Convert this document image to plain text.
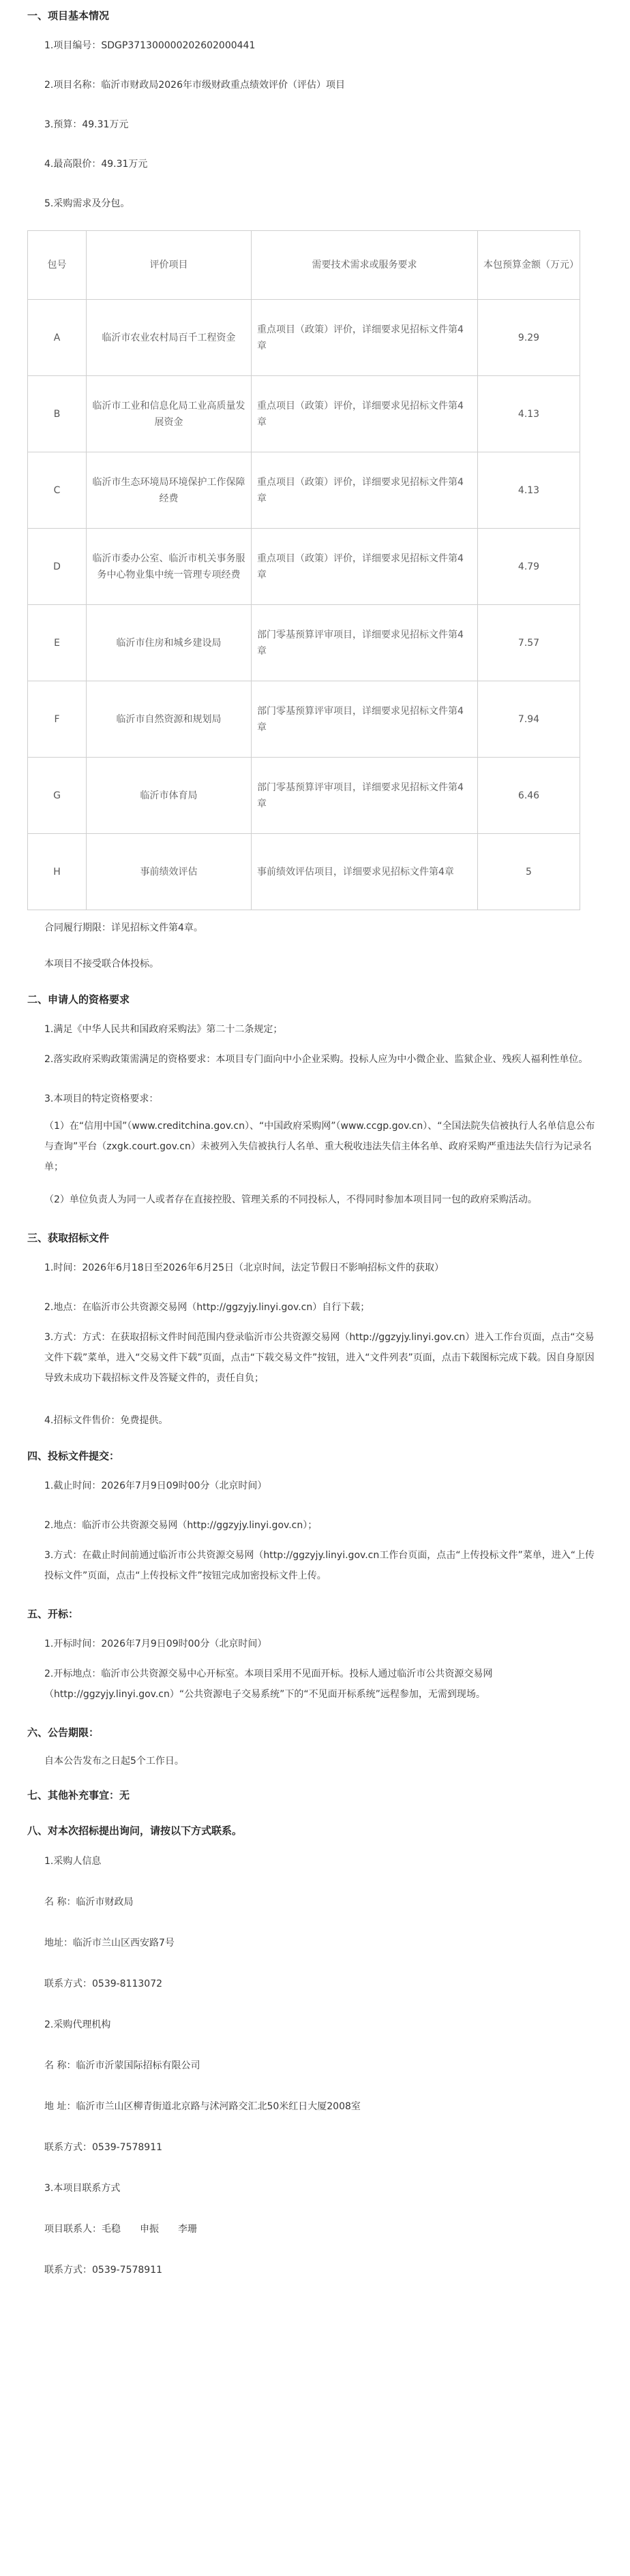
一、项目基本情况
1.项目编号：SDGP371300000202602000441
2.项目名称：临沂市财政局2026年市级财政重点绩效评价（评估）项目
3.预算：49.31万元
4.最高限价：49.31万元
5.采购需求及分包。
包号	评价项目	需要技术需求或服务要求	本包预算金额（万元）
A	临沂市农业农村局百千工程资金	重点项目（政策）评价，详细要求见招标文件第4章	9.29
B	临沂市工业和信息化局工业高质量发展资金	重点项目（政策）评价，详细要求见招标文件第4章	4.13
C	临沂市生态环境局环境保护工作保障经费	重点项目（政策）评价，详细要求见招标文件第4章	4.13
D	临沂市委办公室、临沂市机关事务服务中心物业集中统一管理专项经费	重点项目（政策）评价，详细要求见招标文件第4章	4.79
E	临沂市住房和城乡建设局	部门零基预算评审项目，详细要求见招标文件第4章	7.57
F	临沂市自然资源和规划局	部门零基预算评审项目，详细要求见招标文件第4章	7.94
G	临沂市体育局	部门零基预算评审项目，详细要求见招标文件第4章	6.46
H	事前绩效评估	事前绩效评估项目，详细要求见招标文件第4章	5
合同履行期限：详见招标文件第4章。
本项目不接受联合体投标。
二、申请人的资格要求
1.满足《中华人民共和国政府采购法》第二十二条规定；
2.落实政府采购政策需满足的资格要求：本项目专门面向中小企业采购。投标人应为中小微企业、监狱企业、残疾人福利性单位。
3.本项目的特定资格要求：
（1）在“信用中国”（www.creditchina.gov.cn）、“中国政府采购网”（www.ccgp.gov.cn）、“全国法院失信被执行人名单信息公布与查询”平台（zxgk.court.gov.cn）未被列入失信被执行人名单、重大税收违法失信主体名单、政府采购严重违法失信行为记录名单；
（2）单位负责人为同一人或者存在直接控股、管理关系的不同投标人，不得同时参加本项目同一包的政府采购活动。
三、获取招标文件
1.时间：2026年6月18日至2026年6月25日（北京时间，法定节假日不影响招标文件的获取）
2.地点：在临沂市公共资源交易网（http://ggzyjy.linyi.gov.cn）自行下载；
3.方式：方式：在获取招标文件时间范围内登录临沂市公共资源交易网（http://ggzyjy.linyi.gov.cn）进入工作台页面，点击“交易文件下载”菜单，进入“交易文件下载”页面，点击“下载交易文件”按钮，进入“文件列表”页面，点击下载图标完成下载。因自身原因导致未成功下载招标文件及答疑文件的，责任自负；
4.招标文件售价：免费提供。
四、投标文件提交：
1.截止时间：2026年7月9日09时00分（北京时间）
2.地点：临沂市公共资源交易网（http://ggzyjy.linyi.gov.cn）；
3.方式：在截止时间前通过临沂市公共资源交易网（http://ggzyjy.linyi.gov.cn工作台页面，点击“上传投标文件”菜单，进入“上传投标文件”页面，点击“上传投标文件”按钮完成加密投标文件上传。
五、开标：
1.开标时间：2026年7月9日09时00分（北京时间）
2.开标地点：临沂市公共资源交易中心开标室。本项目采用不见面开标。投标人通过临沂市公共资源交易网（http://ggzyjy.linyi.gov.cn）“公共资源电子交易系统”下的“不见面开标系统”远程参加，无需到现场。
六、公告期限：
自本公告发布之日起5个工作日。
七、其他补充事宜：无
八、对本次招标提出询问，请按以下方式联系。
1.采购人信息
名 称：临沂市财政局
地址：临沂市兰山区西安路7号
联系方式：0539-8113072
2.采购代理机构
名 称：临沂市沂蒙国际招标有限公司
地 址：临沂市兰山区柳青街道北京路与沭河路交汇北50米红日大厦2008室
联系方式：0539-7578911
3.本项目联系方式
项目联系人：毛稳　　申振　　李珊
联系方式：0539-7578911
